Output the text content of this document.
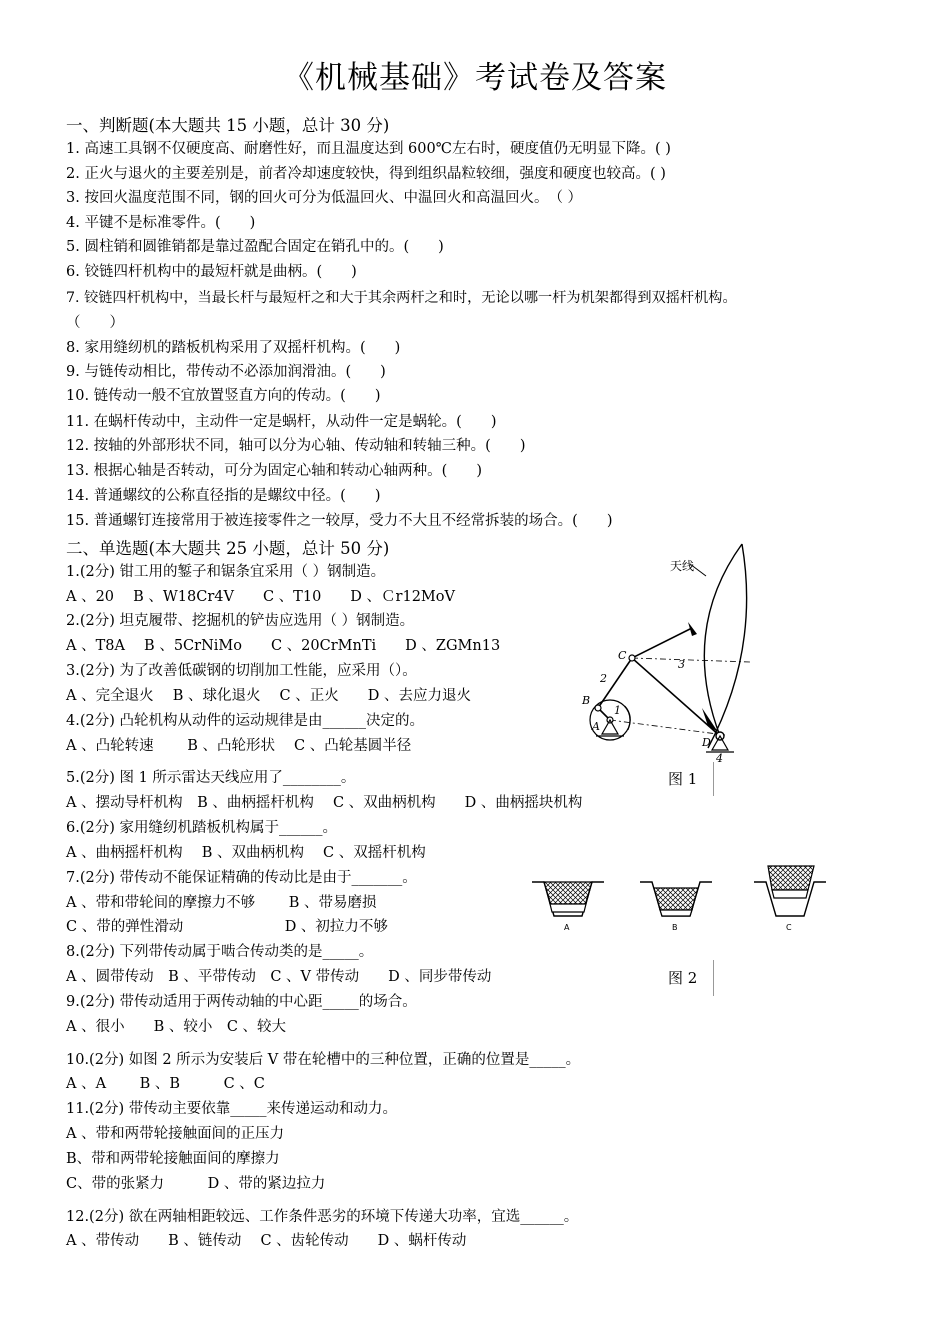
《机械基础》考试卷及答案
一、判断题(本大题共 15 小题，总计 30 分)
1. 高速工具钢不仅硬度高、耐磨性好，而且温度达到 600℃左右时，硬度值仍无明显下降。( )
2. 正火与退火的主要差别是，前者冷却速度较快，得到组织晶粒较细，强度和硬度也较高。( )
3. 按回火温度范围不同，钢的回火可分为低温回火、中温回火和高温回火。　（ ）
4. 平键不是标准零件。(　　)
5. 圆柱销和圆锥销都是靠过盈配合固定在销孔中的。(　　)
6. 铰链四杆机构中的最短杆就是曲柄。(　　)
7. 铰链四杆机构中，当最长杆与最短杆之和大于其余两杆之和时，无论以哪一杆为机架都得到双摇杆机构。
（　　）
8. 家用缝纫机的踏板机构采用了双摇杆机构。(　　)
9. 与链传动相比，带传动不必添加润滑油。(　　)
10. 链传动一般不宜放置竖直方向的传动。(　　)
11. 在蜗杆传动中，主动件一定是蜗杆，从动件一定是蜗轮。(　　)
12. 按轴的外部形状不同，轴可以分为心轴、传动轴和转轴三种。(　　)
13. 根据心轴是否转动，可分为固定心轴和转动心轴两种。(　　)
14. 普通螺纹的公称直径指的是螺纹中径。(　　)
15. 普通螺钉连接常用于被连接零件之一较厚，受力不大且不经常拆装的场合。(　　)
二、单选题(本大题共 25 小题，总计 50 分)
1.(2分) 钳工用的錾子和锯条宜采用（ ）钢制造。
A 、20　 B 、W18Cr4V　　C 、T10　　D 、Ｃr12MoV
2.(2分) 坦克履带、挖掘机的铲齿应选用（ ）钢制造。
A 、T8A　 B 、5CrNiMo　　C 、20CrMnTi　　D 、ZGMn13
3.(2分) 为了改善低碳钢的切削加工性能，应采用（）。
A 、完全退火　 B 、球化退火　 C 、正火　　D 、去应力退火
4.(2分) 凸轮机构从动件的运动规律是由______决定的。
A 、凸轮转速　　 B 、凸轮形状　 C 、凸轮基圆半径
5.(2分) 图 1 所示雷达天线应用了________。
A 、摆动导杆机构　B 、曲柄摇杆机构　 C 、双曲柄机构　　D 、曲柄摇块机构
6.(2分) 家用缝纫机踏板机构属于______。
A 、曲柄摇杆机构　 B 、双曲柄机构　 C 、双摇杆机构
7.(2分) 带传动不能保证精确的传动比是由于_______。
A 、带和带轮间的摩擦力不够　　 B 、带易磨损
C 、带的弹性滑动　　　　　　　D 、初拉力不够
8.(2分) 下列带传动属于啮合传动类的是_____。
A 、圆带传动　B 、平带传动　C 、V 带传动　　D 、同步带传动
9.(2分) 带传动适用于两传动轴的中心距_____的场合。
A 、很小　　B 、较小　C 、较大
10.(2分) 如图 2 所示为安装后 V 带在轮槽中的三种位置，正确的位置是_____。
A 、A　　 B 、B　　　C 、C
11.(2分) 带传动主要依靠_____来传递运动和动力。
A 、带和两带轮接触面间的正压力
B、带和两带轮接触面间的摩擦力
C、带的张紧力　　　D 、带的紧边拉力
12.(2分) 欲在两轴相距较远、工作条件恶劣的环境下传递大功率，宜选______。
A 、带传动　　B 、链传动　 C 、齿轮传动　　D 、蜗杆传动
天线
C
3
2
B
1
A
D
4
图 1
A	B	C
图 2
